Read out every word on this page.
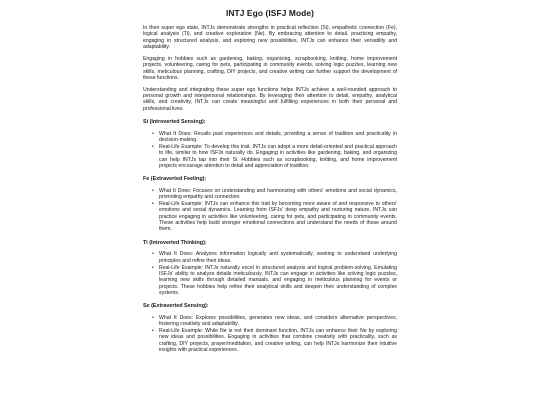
INTJ Ego (ISFJ Mode)

In their super ego state, INTJs demonstrate strengths in practical reflection (Si), empathetic connection (Fe), logical analysis (Ti), and creative exploration (Ne). By embracing attention to detail, practicing empathy, engaging in structured analysis, and exploring new possibilities, INTJs can enhance their versatility and adaptability.

Engaging in hobbies such as gardening, baking, organizing, scrapbooking, knitting, home improvement projects, volunteering, caring for pets, participating in community events, solving logic puzzles, learning new skills, meticulous planning, crafting, DIY projects, and creative writing can further support the development of these functions.

Understanding and integrating these super ego functions helps INTJs achieve a well-rounded approach to personal growth and interpersonal relationships. By leveraging their attention to detail, empathy, analytical skills, and creativity, INTJs can create meaningful and fulfilling experiences in both their personal and professional lives.

Si (Introverted Sensing):
• What It Does: Recalls past experiences and details, providing a sense of tradition and practicality in decision-making.
• Real-Life Example: To develop this trait, INTJs can adopt a more detail-oriented and practical approach to life, similar to how ISFJs naturally do. Engaging in activities like gardening, baking, and organizing can help INTJs tap into their Si. Hobbies such as scrapbooking, knitting, and home improvement projects encourage attention to detail and appreciation of tradition.
Fe (Extraverted Feeling):
• What It Does: Focuses on understanding and harmonizing with others' emotions and social dynamics, promoting empathy and connection.
• Real-Life Example: INTJs can enhance this trait by becoming more aware of and responsive to others' emotions and social dynamics. Learning from ISFJs' deep empathy and nurturing nature, INTJs can practice engaging in activities like volunteering, caring for pets, and participating in community events. These activities help build stronger emotional connections and understand the needs of those around them.
Ti (Introverted Thinking):
• What It Does: Analyzes information logically and systematically, seeking to understand underlying principles and refine their ideas.
• Real-Life Example: INTJs naturally excel in structured analysis and logical problem-solving. Emulating ISFJs' ability to analyze details meticulously, INTJs can engage in activities like solving logic puzzles, learning new skills through detailed manuals, and engaging in meticulous planning for events or projects. These hobbies help refine their analytical skills and deepen their understanding of complex systems.
Se (Extraverted Sensing):
• What It Does: Explores possibilities, generates new ideas, and considers alternative perspectives, fostering creativity and adaptability.
• Real-Life Example: While Ne is not their dominant function, INTJs can enhance their Ne by exploring new ideas and possibilities. Engaging in activities that combine creativity with practicality, such as crafting, DIY projects, prayer/meditation, and creative writing, can help INTJs harmonize their intuitive insights with practical experiences.
